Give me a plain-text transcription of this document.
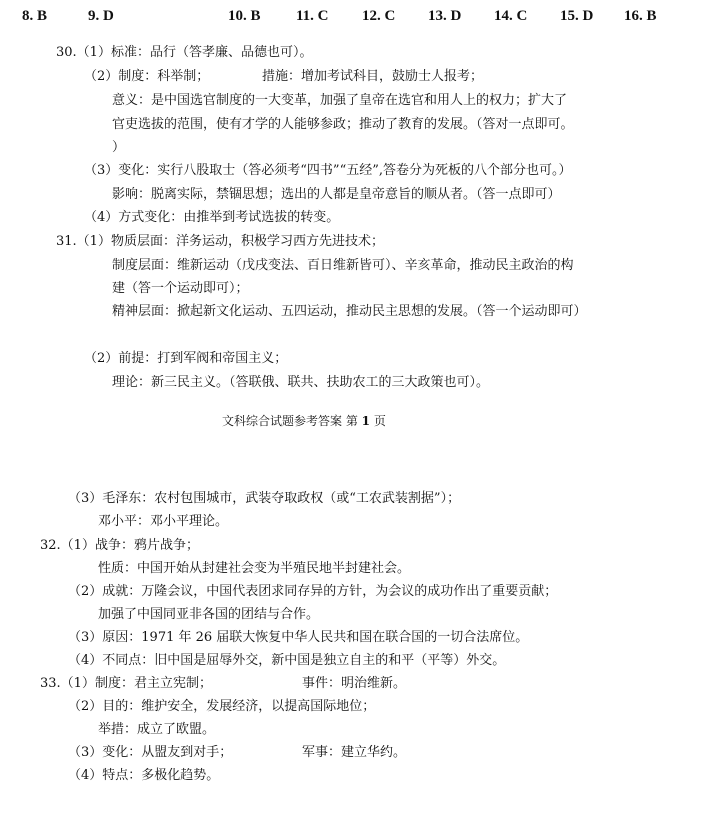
8. B	9. D	10. B 11. C 12. C 13. D 14. C 15. D 16. B
30.（1）标准：品行（答孝廉、品德也可）。
（2）制度：科举制；	措施：增加考试科目，鼓励士人报考；
意义：是中国选官制度的一大变革，加强了皇帝在选官和用人上的权力；扩大了
官吏选拔的范围，使有才学的人能够参政；推动了教育的发展。（答对一点即可。
）
（3）变化：实行八股取士（答必须考“四书”“五经”,答卷分为死板的八个部分也可。）
影响：脱离实际，禁锢思想；选出的人都是皇帝意旨的顺从者。（答一点即可）
（4）方式变化：由推举到考试选拔的转变。
31.（1）物质层面：洋务运动，积极学习西方先进技术；
制度层面：维新运动（戊戌变法、百日维新皆可）、辛亥革命，推动民主政治的构
建（答一个运动即可）；
精神层面：掀起新文化运动、五四运动，推动民主思想的发展。（答一个运动即可）
（2）前提：打到军阀和帝国主义；
理论：新三民主义。（答联俄、联共、扶助农工的三大政策也可）。
文科综合试题参考答案 第 1 页
（3）毛泽东：农村包围城市，武装夺取政权（或“工农武装割据”）；
邓小平：邓小平理论。
32.（1）战争：鸦片战争；
性质：中国开始从封建社会变为半殖民地半封建社会。
（2）成就：万隆会议，中国代表团求同存异的方针，为会议的成功作出了重要贡献；
加强了中国同亚非各国的团结与合作。
（3）原因：1971 年 26 届联大恢复中华人民共和国在联合国的一切合法席位。
（4）不同点：旧中国是屈辱外交，新中国是独立自主的和平（平等）外交。
33.（1）制度：君主立宪制；	事件：明治维新。
（2）目的：维护安全，发展经济，以提高国际地位；
举措：成立了欧盟。
（3）变化：从盟友到对手；	军事：建立华约。
（4）特点：多极化趋势。
